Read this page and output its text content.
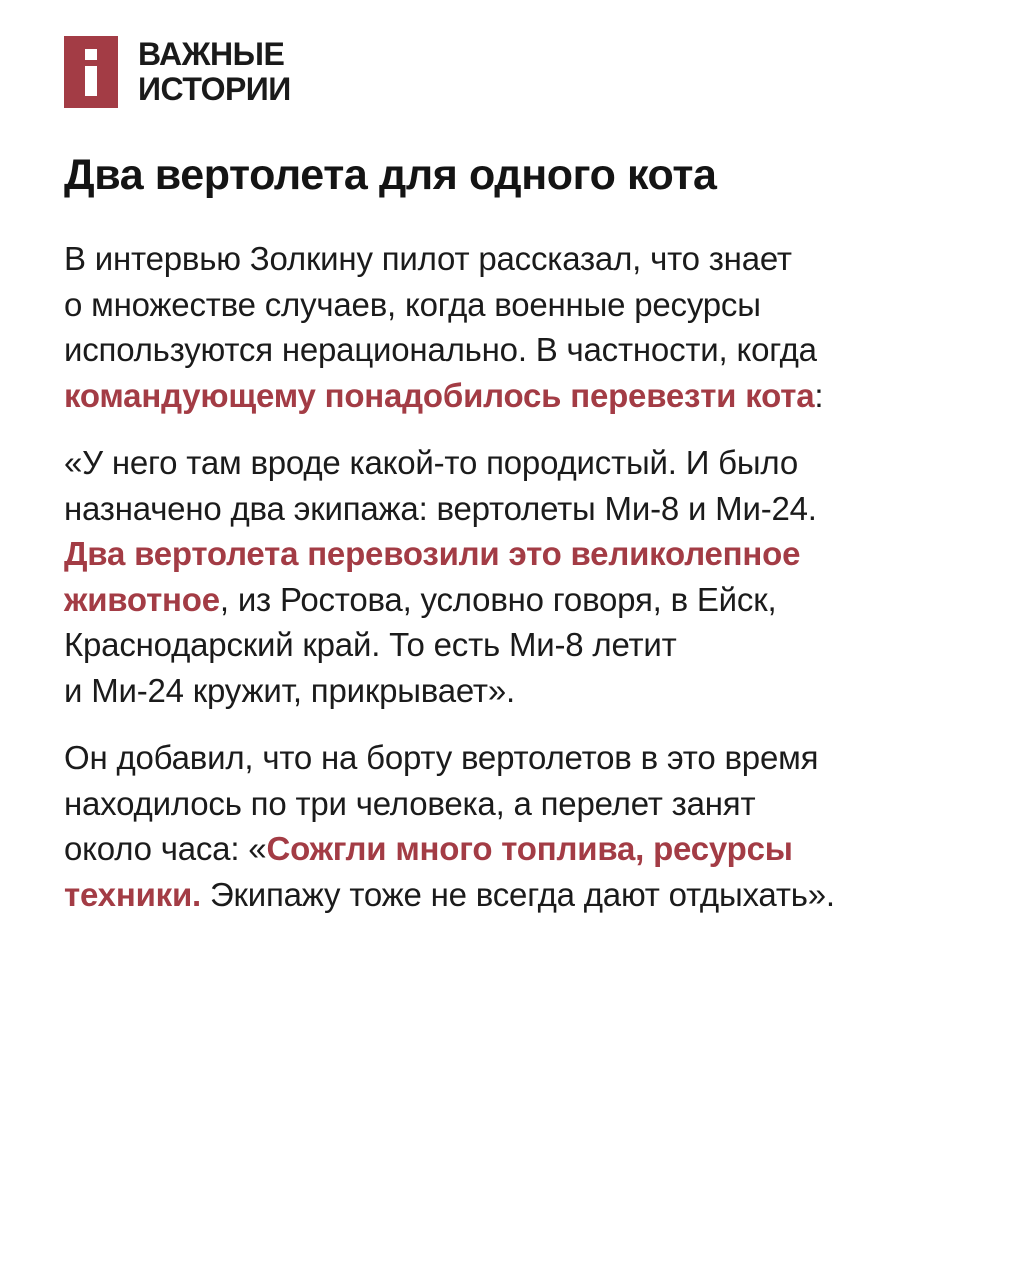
ВАЖНЫЕ
ИСТОРИИ
Два вертолета для одного кота

В интервью Золкину пилот рассказал, что знает
о множестве случаев, когда военные ресурсы
используются нерационально. В частности, когда
командующему понадобилось перевезти кота:

«У него там вроде какой-то породистый. И было
назначено два экипажа: вертолеты Ми-8 и Ми-24.
Два вертолета перевозили это великолепное
животное, из Ростова, условно говоря, в Ейск,
Краснодарский край. То есть Ми-8 летит
и Ми-24 кружит, прикрывает».

Он добавил, что на борту вертолетов в это время
находилось по три человека, а перелет занят
около часа: «Сожгли много топлива, ресурсы
техники. Экипажу тоже не всегда дают отдыхать».
